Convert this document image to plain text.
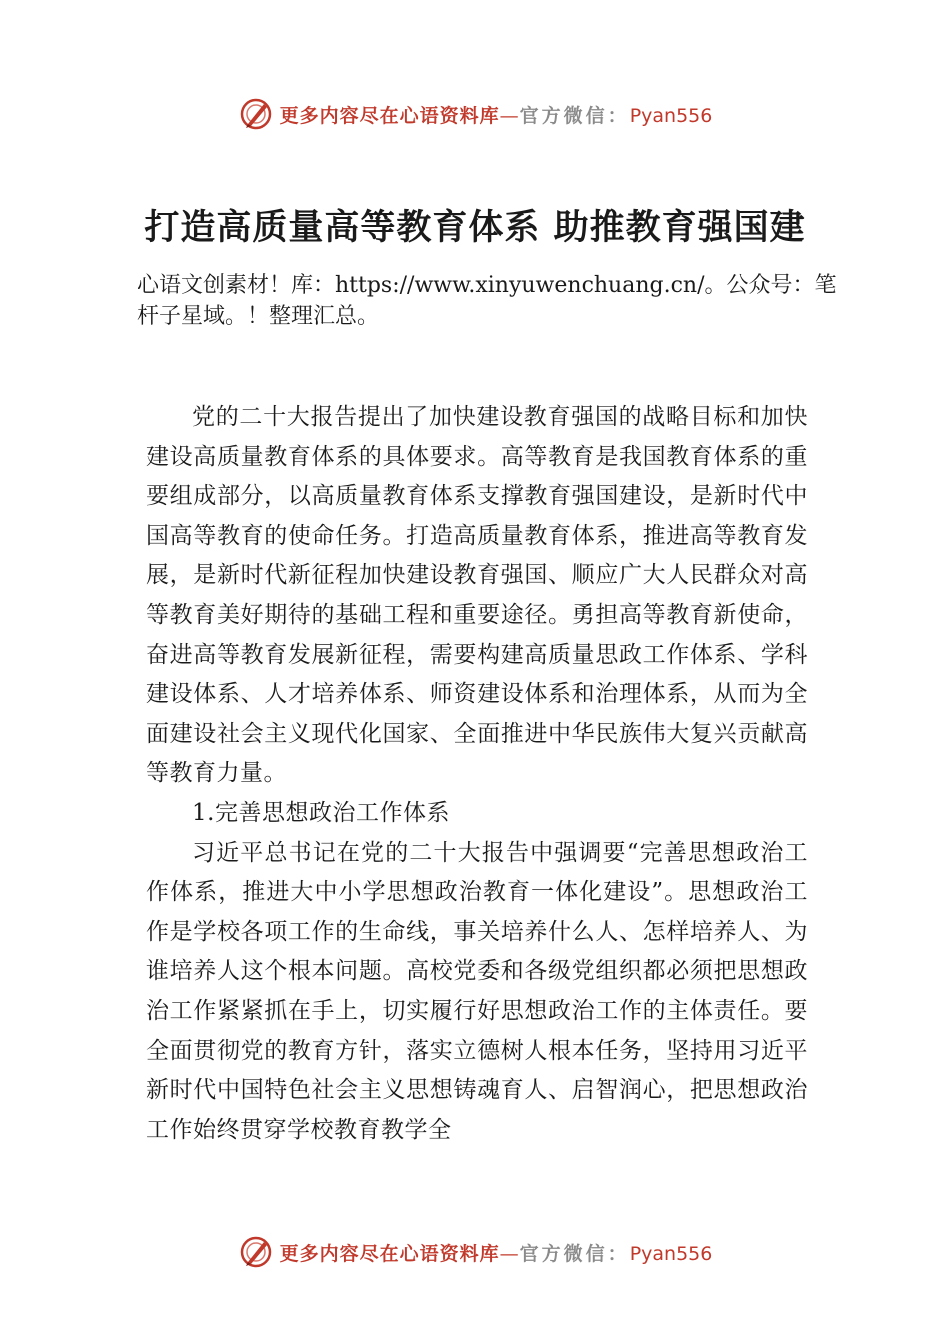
更多内容尽在心语资料库—官方微信：Pyan556
打造高质量高等教育体系 助推教育强国建

心语文创素材！库：https://www.xinyuwenchuang.cn/。公众号：笔杆子星域。！整理汇总。

党的二十大报告提出了加快建设教育强国的战略目标和加快建设高质量教育体系的具体要求。高等教育是我国教育体系的重要组成部分，以高质量教育体系支撑教育强国建设，是新时代中国高等教育的使命任务。打造高质量教育体系，推进高等教育发展，是新时代新征程加快建设教育强国、顺应广大人民群众对高等教育美好期待的基础工程和重要途径。勇担高等教育新使命，奋进高等教育发展新征程，需要构建高质量思政工作体系、学科建设体系、人才培养体系、师资建设体系和治理体系，从而为全面建设社会主义现代化国家、全面推进中华民族伟大复兴贡献高等教育力量。

1.完善思想政治工作体系

习近平总书记在党的二十大报告中强调要“完善思想政治工作体系，推进大中小学思想政治教育一体化建设”。思想政治工作是学校各项工作的生命线，事关培养什么人、怎样培养人、为谁培养人这个根本问题。高校党委和各级党组织都必须把思想政治工作紧紧抓在手上，切实履行好思想政治工作的主体责任。要全面贯彻党的教育方针，落实立德树人根本任务，坚持用习近平新时代中国特色社会主义思想铸魂育人、启智润心，把思想政治工作始终贯穿学校教育教学全

更多内容尽在心语资料库—官方微信：Pyan556
